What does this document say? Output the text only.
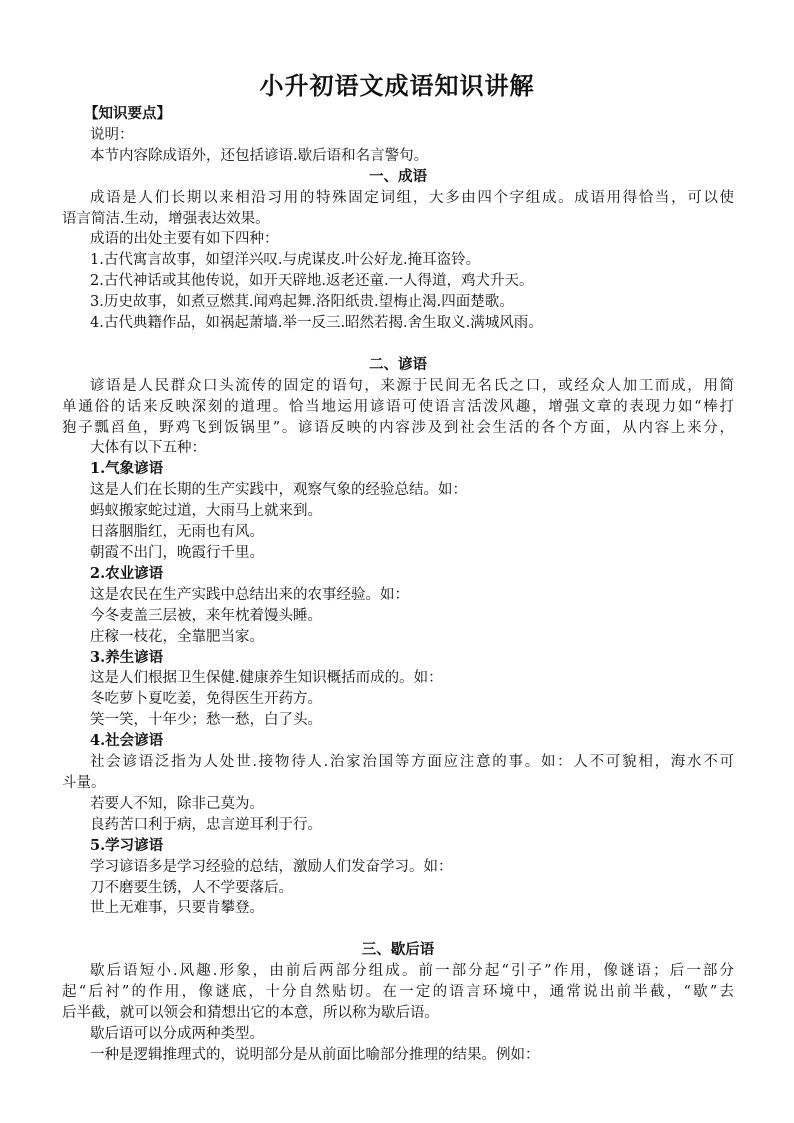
小升初语文成语知识讲解

【知识要点】

说明：

本节内容除成语外，还包括谚语.歇后语和名言警句。

一、成语

成语是人们长期以来相沿习用的特殊固定词组，大多由四个字组成。成语用得恰当，可以使

语言简洁.生动，增强表达效果。

成语的出处主要有如下四种：

1.古代寓言故事，如望洋兴叹.与虎谋皮.叶公好龙.掩耳盗铃。

2.古代神话或其他传说，如开天辟地.返老还童.一人得道，鸡犬升天。

3.历史故事，如煮豆燃萁.闻鸡起舞.洛阳纸贵.望梅止渴.四面楚歌。

4.古代典籍作品，如祸起萧墙.举一反三.昭然若揭.舍生取义.满城风雨。

二、谚语

谚语是人民群众口头流传的固定的语句，来源于民间无名氏之口，或经众人加工而成，用简

单通俗的话来反映深刻的道理。恰当地运用谚语可使语言活泼风趣，增强文章的表现力如“棒打

狍子瓢舀鱼，野鸡飞到饭锅里”。谚语反映的内容涉及到社会生活的各个方面，从内容上来分，

大体有以下五种：

1.气象谚语

这是人们在长期的生产实践中，观察气象的经验总结。如：

蚂蚁搬家蛇过道，大雨马上就来到。

日落胭脂红，无雨也有风。

朝霞不出门，晚霞行千里。

2.农业谚语

这是农民在生产实践中总结出来的农事经验。如：

今冬麦盖三层被，来年枕着馒头睡。

庄稼一枝花，全靠肥当家。

3.养生谚语

这是人们根据卫生保健.健康养生知识概括而成的。如：

冬吃萝卜夏吃姜，免得医生开药方。

笑一笑，十年少；愁一愁，白了头。

4.社会谚语

社会谚语泛指为人处世.接物待人.治家治国等方面应注意的事。如：人不可貌相，海水不可

斗量。

若要人不知，除非己莫为。

良药苦口利于病，忠言逆耳利于行。

5.学习谚语

学习谚语多是学习经验的总结，激励人们发奋学习。如：

刀不磨要生锈，人不学要落后。

世上无难事，只要肯攀登。

三、歇后语

歇后语短小.风趣.形象，由前后两部分组成。前一部分起“引子”作用，像谜语；后一部分

起“后衬”的作用，像谜底，十分自然贴切。在一定的语言环境中，通常说出前半截，“歇”去

后半截，就可以领会和猜想出它的本意，所以称为歇后语。

歇后语可以分成两种类型。

一种是逻辑推理式的，说明部分是从前面比喻部分推理的结果。例如：
